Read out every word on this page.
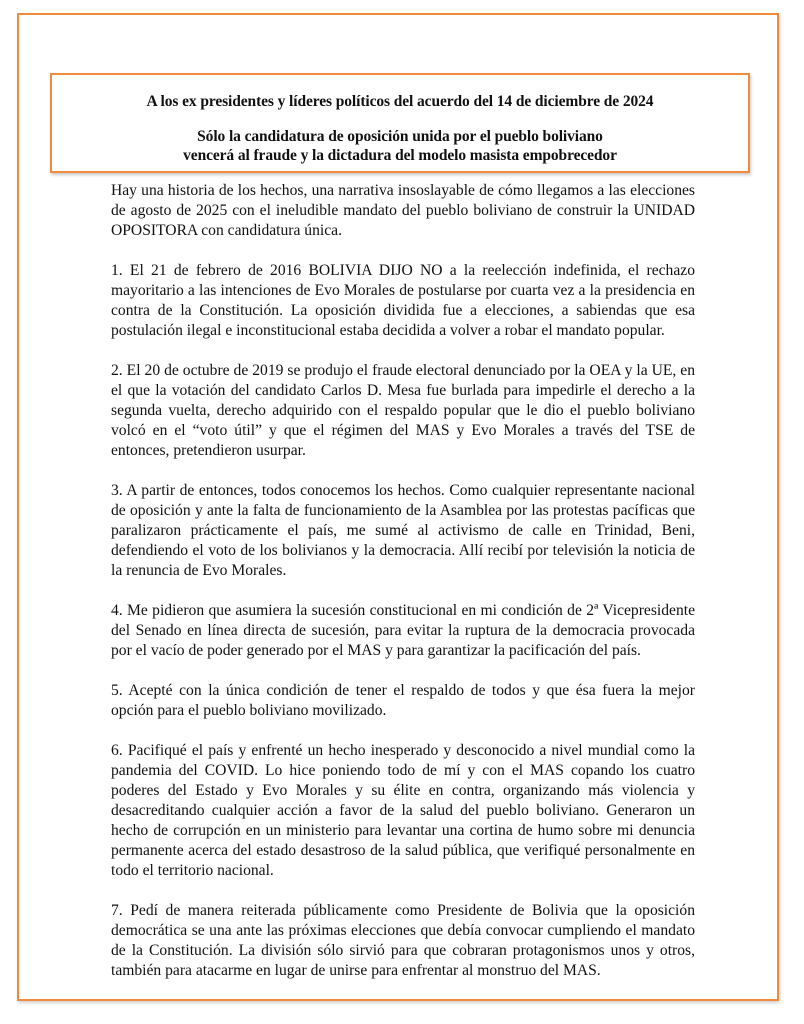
A los ex presidentes y líderes políticos del acuerdo del 14 de diciembre de 2024
Sólo la candidatura de oposición unida por el pueblo boliviano
vencerá al fraude y la dictadura del modelo masista empobrecedor

Hay una historia de los hechos, una narrativa insoslayable de cómo llegamos a las elecciones de agosto de 2025 con el ineludible mandato del pueblo boliviano de construir la UNIDAD OPOSITORA con candidatura única.

1. El 21 de febrero de 2016 BOLIVIA DIJO NO a la reelección indefinida, el rechazo mayoritario a las intenciones de Evo Morales de postularse por cuarta vez a la presidencia en contra de la Constitución. La oposición dividida fue a elecciones, a sabiendas que esa postulación ilegal e inconstitucional estaba decidida a volver a robar el mandato popular.

2. El 20 de octubre de 2019 se produjo el fraude electoral denunciado por la OEA y la UE, en el que la votación del candidato Carlos D. Mesa fue burlada para impedirle el derecho a la segunda vuelta, derecho adquirido con el respaldo popular que le dio el pueblo boliviano volcó en el “voto útil” y que el régimen del MAS y Evo Morales a través del TSE de entonces, pretendieron usurpar.

3. A partir de entonces, todos conocemos los hechos. Como cualquier representante nacional de oposición y ante la falta de funcionamiento de la Asamblea por las protestas pacíficas que paralizaron prácticamente el país, me sumé al activismo de calle en Trinidad, Beni, defendiendo el voto de los bolivianos y la democracia. Allí recibí por televisión la noticia de la renuncia de Evo Morales.

4. Me pidieron que asumiera la sucesión constitucional en mi condición de 2ª Vicepresidente del Senado en línea directa de sucesión, para evitar la ruptura de la democracia provocada por el vacío de poder generado por el MAS y para garantizar la pacificación del país.

5. Acepté con la única condición de tener el respaldo de todos y que ésa fuera la mejor opción para el pueblo boliviano movilizado.

6. Pacifiqué el país y enfrenté un hecho inesperado y desconocido a nivel mundial como la pandemia del COVID. Lo hice poniendo todo de mí y con el MAS copando los cuatro poderes del Estado y Evo Morales y su élite en contra, organizando más violencia y desacreditando cualquier acción a favor de la salud del pueblo boliviano. Generaron un hecho de corrupción en un ministerio para levantar una cortina de humo sobre mi denuncia permanente acerca del estado desastroso de la salud pública, que verifiqué personalmente en todo el territorio nacional.

7. Pedí de manera reiterada públicamente como Presidente de Bolivia que la oposición democrática se una ante las próximas elecciones que debía convocar cumpliendo el mandato de la Constitución. La división sólo sirvió para que cobraran protagonismos unos y otros, también para atacarme en lugar de unirse para enfrentar al monstruo del MAS.
